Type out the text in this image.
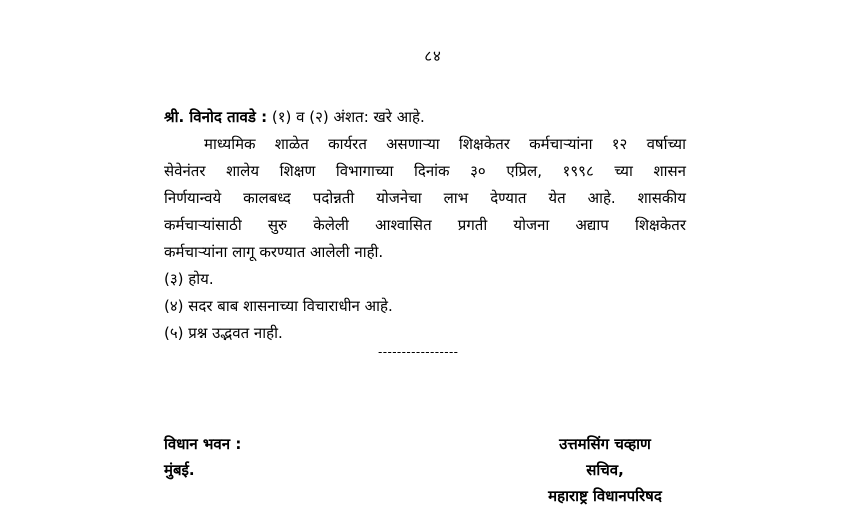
८४
श्री. विनोद तावडे : (१) व (२) अंशत: खरे आहे.
माध्यमिक शाळेत कार्यरत असणाऱ्या शिक्षकेतर कर्मचाऱ्यांना १२ वर्षाच्या
सेवेनंतर शालेय शिक्षण विभागाच्या दिनांक ३० एप्रिल, १९९८ च्या शासन
निर्णयान्वये कालबध्द पदोन्नती योजनेचा लाभ देण्यात येत आहे. शासकीय
कर्मचाऱ्यांसाठी सुरु केलेली आश्वासित प्रगती योजना अद्याप शिक्षकेतर
कर्मचाऱ्यांना लागू करण्यात आलेली नाही.
(३) होय.
(४) सदर बाब शासनाच्या विचाराधीन आहे.
(५) प्रश्न उद्भवत नाही.
-----------------
विधान भवन :
मुंबई.
उत्तमसिंग चव्हाण
सचिव,
महाराष्ट्र विधानपरिषद
